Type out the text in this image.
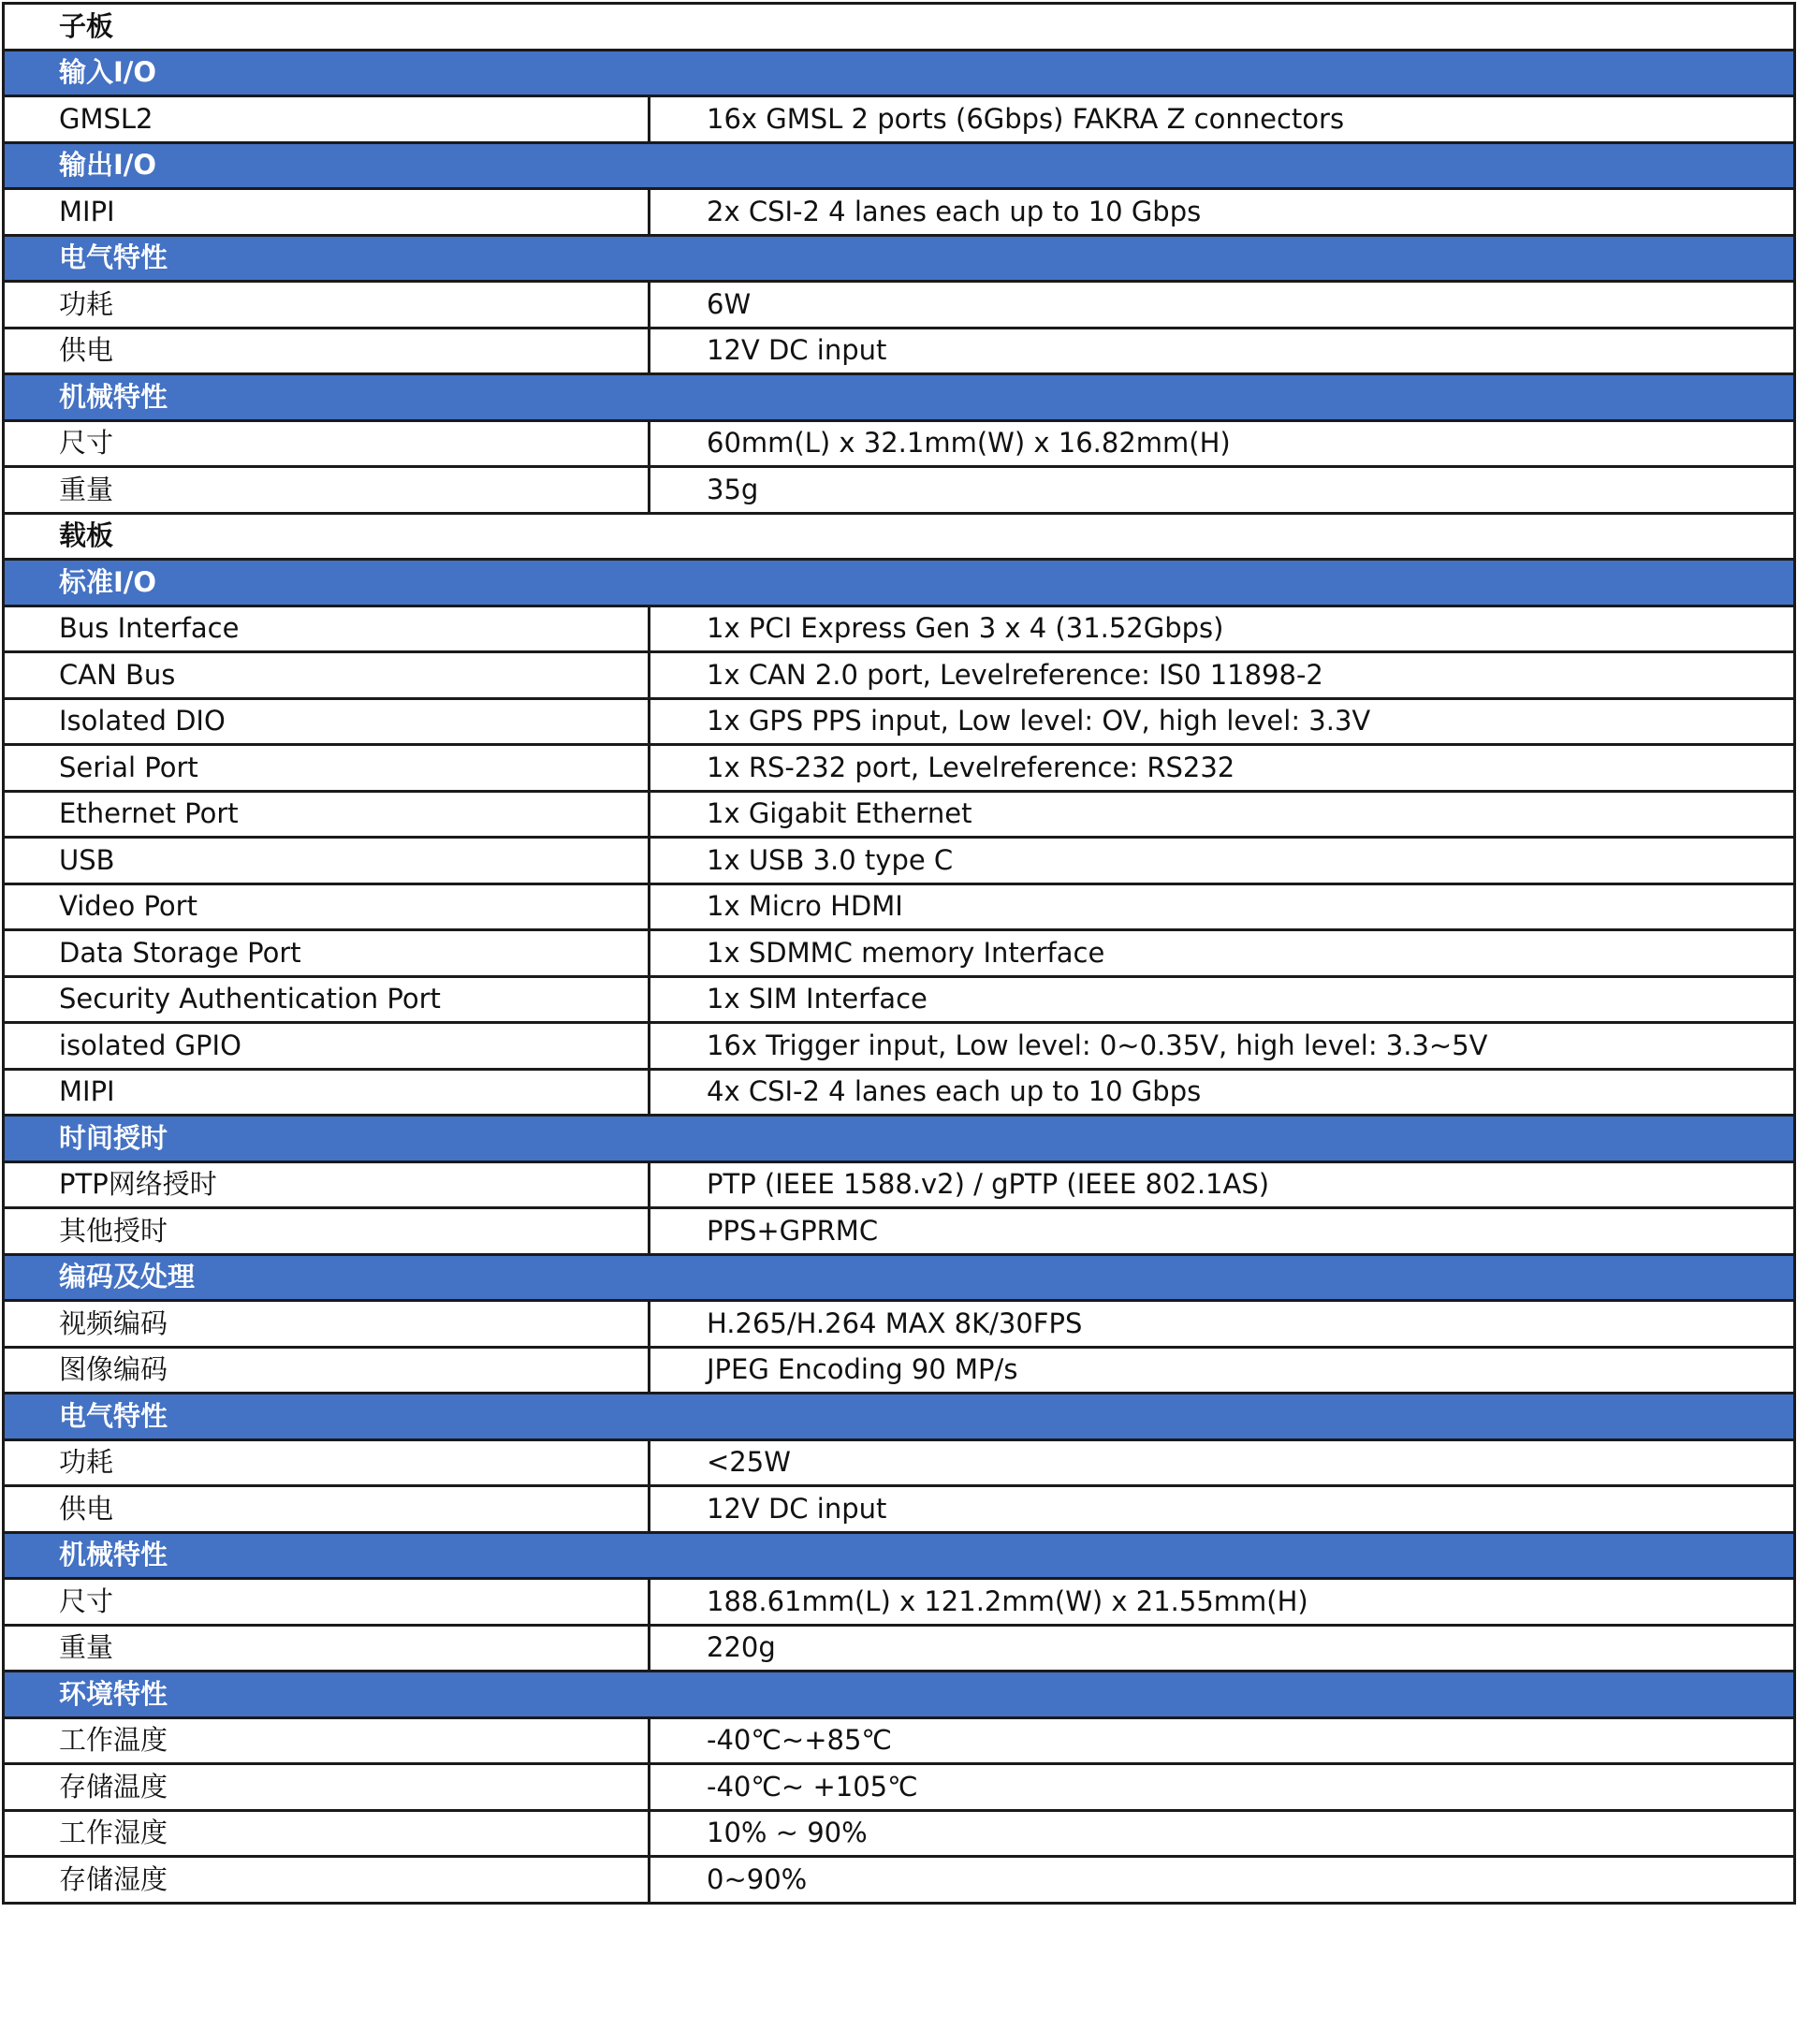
子板	
输入I/O	
GMSL2	16x GMSL 2 ports (6Gbps) FAKRA Z connectors
输出I/O	
MIPI	2x CSI-2 4 lanes each up to 10 Gbps
电气特性	
功耗	6W
供电	12V DC input
机械特性	
尺寸	60mm(L) x 32.1mm(W) x 16.82mm(H)
重量	35g
载板	
标准I/O	
Bus Interface	1x PCI Express Gen 3 x 4 (31.52Gbps)
CAN Bus	1x CAN 2.0 port, Levelreference: IS0 11898-2
Isolated DIO	1x GPS PPS input, Low level: OV, high level: 3.3V
Serial Port	1x RS-232 port, Levelreference: RS232
Ethernet Port	1x Gigabit Ethernet
USB	1x USB 3.0 type C
Video Port	1x Micro HDMI
Data Storage Port	1x SDMMC memory Interface
Security Authentication Port	1x SIM Interface
isolated GPIO	16x Trigger input, Low level: 0~0.35V, high level: 3.3~5V
MIPI	4x CSI-2 4 lanes each up to 10 Gbps
时间授时	
PTP网络授时	PTP (IEEE 1588.v2) / gPTP (IEEE 802.1AS)
其他授时	PPS+GPRMC
编码及处理	
视频编码	H.265/H.264 MAX 8K/30FPS
图像编码	JPEG Encoding 90 MP/s
电气特性	
功耗	<25W
供电	12V DC input
机械特性	
尺寸	188.61mm(L) x 121.2mm(W) x 21.55mm(H)
重量	220g
环境特性	
工作温度	-40℃~+85℃
存储温度	-40℃~ +105℃
工作湿度	10% ~ 90%
存储湿度	0~90%
